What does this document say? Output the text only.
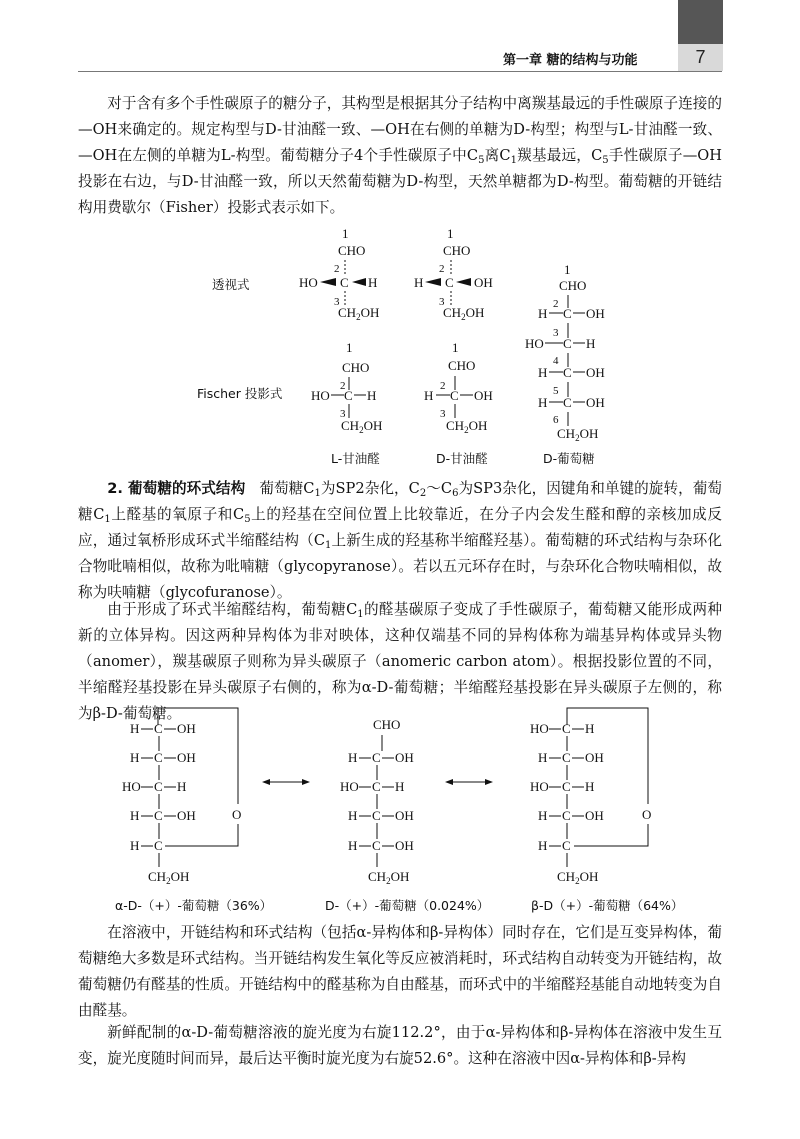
第一章 糖的结构与功能	7

对于含有多个手性碳原子的糖分子，其构型是根据其分子结构中离羰基最远的手性碳原子连接的—OH来确定的。规定构型与D-甘油醛一致、—OH在右侧的单糖为D-构型；构型与L-甘油醛一致、—OH在左侧的单糖为L-构型。葡萄糖分子4个手性碳原子中$C_5$离$C_1$羰基最远，$C_5$手性碳原子—OH投影在右边，与D-甘油醛一致，所以天然葡萄糖为D-构型，天然单糖都为D-构型。葡萄糖的开链结构用费歇尔（Fisher）投影式表示如下。

透视式
Fischer 投影式
1
CHO
2
HO C H
3
$CH_2OH$
1
CHO
2
H C OH
3
$CH_2OH$
1
CHO
2
HO C H
3
$CH_2OH$
1
CHO
2
H C OH
3
$CH_2OH$
1
CHO
2
H C OH
3
HO C H
4
H C OH
5
H C OH
6
$CH_2OH$
L-甘油醛	D-甘油醛	D-葡萄糖

2. 葡萄糖的环式结构 葡萄糖$C_1$为SP2杂化，$C_2\sim C_6$为SP3杂化，因键角和单键的旋转，葡萄糖$C_1$上醛基的氧原子和$C_5$上的羟基在空间位置上比较靠近，在分子内会发生醛和醇的亲核加成反应，通过氧桥形成环式半缩醛结构（$C_1$上新生成的羟基称半缩醛羟基）。葡萄糖的环式结构与杂环化合物吡喃相似，故称为吡喃糖（glycopyranose）。若以五元环存在时，与杂环化合物呋喃相似，故称为呋喃糖（glycofuranose）。

由于形成了环式半缩醛结构，葡萄糖$C_1$的醛基碳原子变成了手性碳原子，葡萄糖又能形成两种新的立体异构。因这两种异构体为非对映体，这种仅端基不同的异构体称为端基异构体或异头物（anomer），羰基碳原子则称为异头碳原子（anomeric carbon atom）。根据投影位置的不同，半缩醛羟基投影在异头碳原子右侧的，称为α-D-葡萄糖；半缩醛羟基投影在异头碳原子左侧的，称为β-D-葡萄糖。

O
H C OH
H C OH
HO C H
H C OH
H C
$CH_2OH$
CHO
H C OH
HO C H
H C OH
H C OH
$CH_2OH$
O
HO C H
H C OH
HO C H
H C OH
H C
$CH_2OH$
α-D-（+）-葡萄糖（36%）	D-（+）-葡萄糖（0.024%）	β-D（+）-葡萄糖（64%）

在溶液中，开链结构和环式结构（包括α-异构体和β-异构体）同时存在，它们是互变异构体，葡萄糖绝大多数是环式结构。当开链结构发生氧化等反应被消耗时，环式结构自动转变为开链结构，故葡萄糖仍有醛基的性质。开链结构中的醛基称为自由醛基，而环式中的半缩醛羟基能自动地转变为自由醛基。

新鲜配制的α-D-葡萄糖溶液的旋光度为右旋112.2°，由于α-异构体和β-异构体在溶液中发生互变，旋光度随时间而异，最后达平衡时旋光度为右旋52.6°。这种在溶液中因α-异构体和β-异构
